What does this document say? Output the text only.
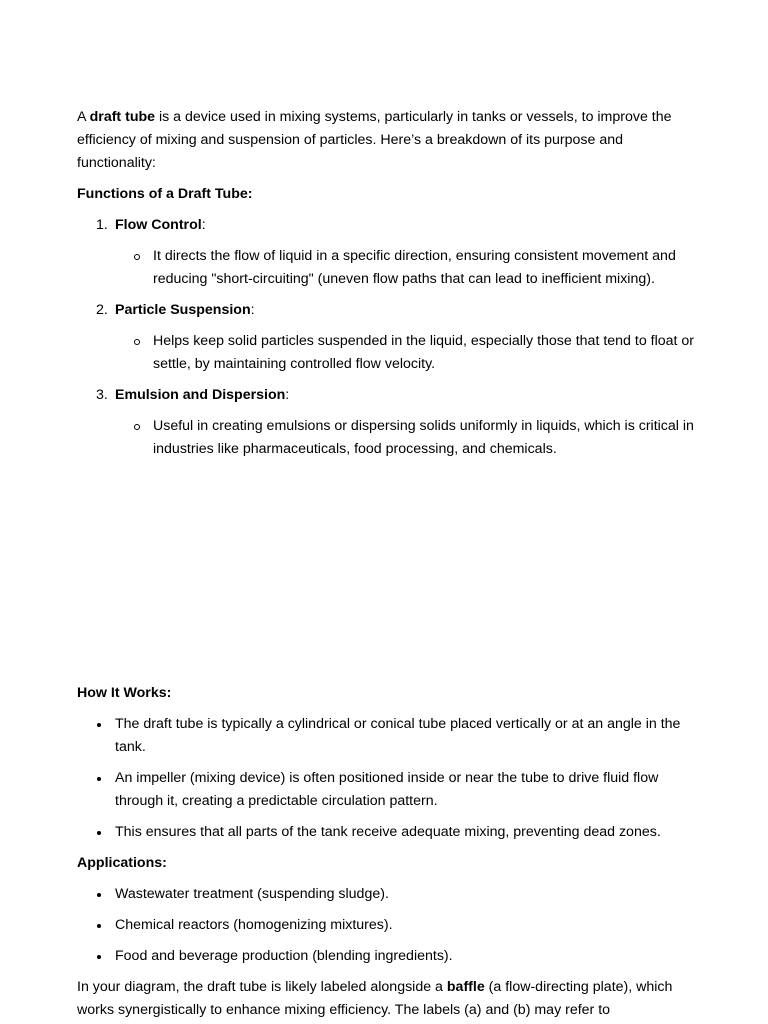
A draft tube is a device used in mixing systems, particularly in tanks or vessels, to improve the efficiency of mixing and suspension of particles. Here’s a breakdown of its purpose and functionality:

Functions of a Draft Tube:

1. Flow Control:
It directs the flow of liquid in a specific direction, ensuring consistent movement and reducing "short-circuiting" (uneven flow paths that can lead to inefficient mixing).
2. Particle Suspension:
Helps keep solid particles suspended in the liquid, especially those that tend to float or settle, by maintaining controlled flow velocity.
3. Emulsion and Dispersion:
Useful in creating emulsions or dispersing solids uniformly in liquids, which is critical in industries like pharmaceuticals, food processing, and chemicals.

How It Works:

The draft tube is typically a cylindrical or conical tube placed vertically or at an angle in the tank.
An impeller (mixing device) is often positioned inside or near the tube to drive fluid flow through it, creating a predictable circulation pattern.
This ensures that all parts of the tank receive adequate mixing, preventing dead zones.

Applications:

Wastewater treatment (suspending sludge).
Chemical reactors (homogenizing mixtures).
Food and beverage production (blending ingredients).

In your diagram, the draft tube is likely labeled alongside a baffle (a flow-directing plate), which works synergistically to enhance mixing efficiency. The labels (a) and (b) may refer to
